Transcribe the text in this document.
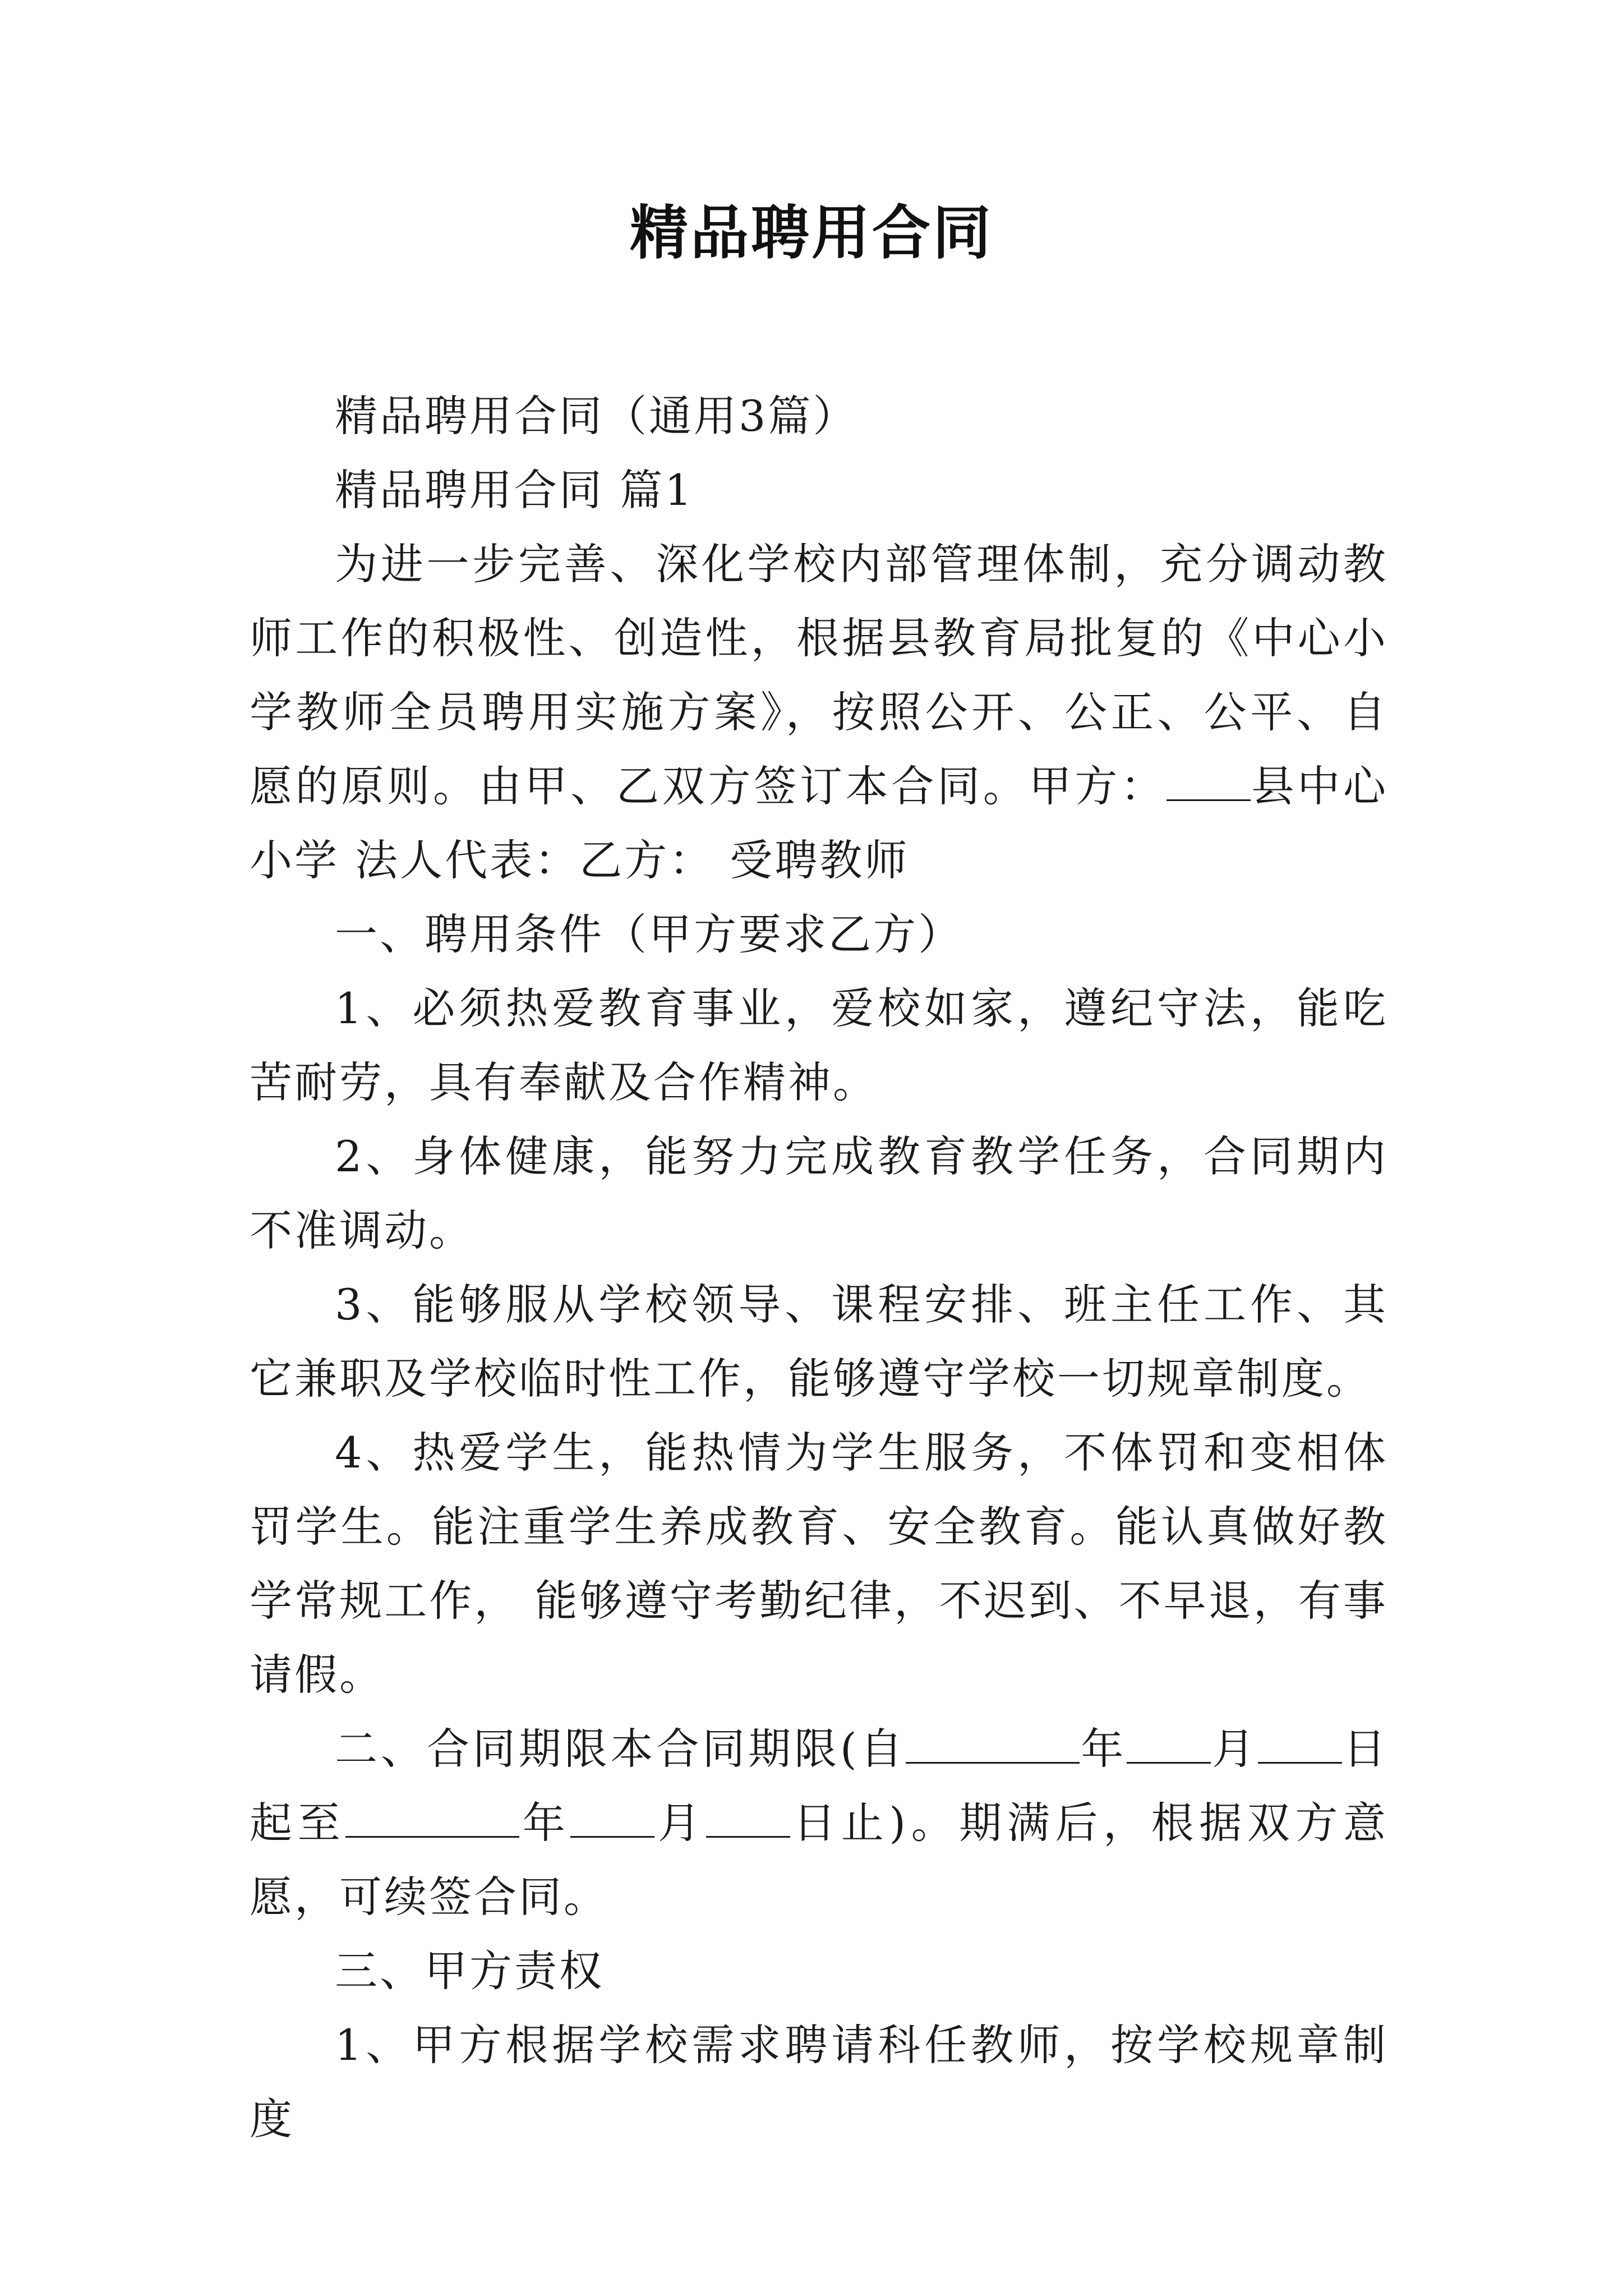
精品聘用合同

精品聘用合同（通用3篇）

精品聘用合同 篇1

为进一步完善、深化学校内部管理体制，充分调动教师工作的积极性、创造性，根据县教育局批复的《中心小学教师全员聘用实施方案》，按照公开、公正、公平、自愿的原则。由甲、乙双方签订本合同。甲方： 县中心小学 法人代表：乙方： 受聘教师

一、聘用条件（甲方要求乙方）

1、必须热爱教育事业，爱校如家，遵纪守法，能吃苦耐劳，具有奉献及合作精神。

2、身体健康，能努力完成教育教学任务，合同期内不准调动。

3、能够服从学校领导、课程安排、班主任工作、其它兼职及学校临时性工作，能够遵守学校一切规章制度。

4、热爱学生，能热情为学生服务，不体罚和变相体罚学生。能注重学生养成教育、安全教育。能认真做好教学常规工作， 能够遵守考勤纪律，不迟到、不早退，有事请假。

二、合同期限本合同期限(自	年 月 日起至	年 月 日止)。期满后，根据双方意愿，可续签合同。

三、甲方责权

1、甲方根据学校需求聘请科任教师，按学校规章制度
